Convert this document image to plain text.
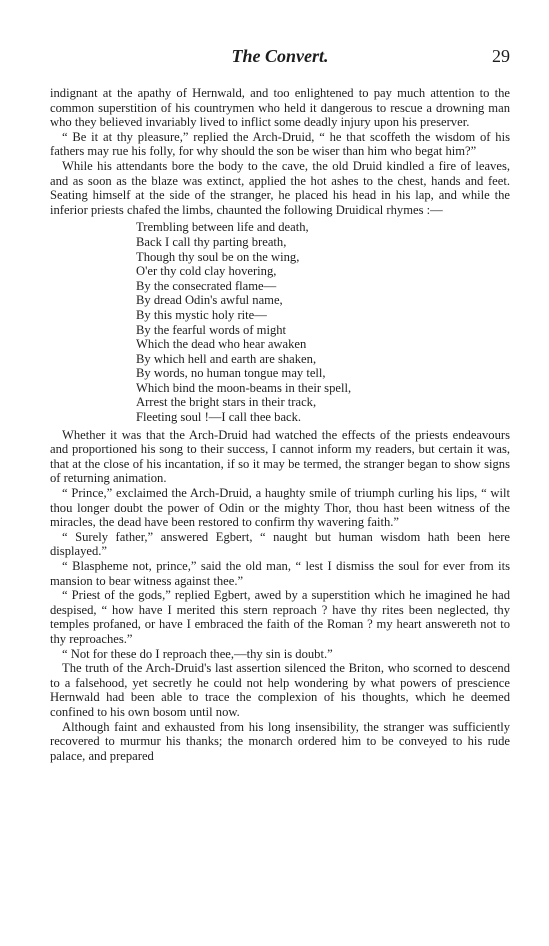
The Convert.	29

indignant at the apathy of Hernwald, and too enlightened to pay much attention to the common superstition of his countrymen who held it dangerous to rescue a drowning man who they believed invariably lived to inflict some deadly injury upon his preserver.

“ Be it at thy pleasure,” replied the Arch-Druid, “ he that scoffeth the wisdom of his fathers may rue his folly, for why should the son be wiser than him who begat him?”

While his attendants bore the body to the cave, the old Druid kindled a fire of leaves, and as soon as the blaze was extinct, applied the hot ashes to the chest, hands and feet. Seating himself at the side of the stranger, he placed his head in his lap, and while the inferior priests chafed the limbs, chaunted the following Druidical rhymes :—

Trembling between life and death,
Back I call thy parting breath,
Though thy soul be on the wing,
O'er thy cold clay hovering,
By the consecrated flame—
By dread Odin's awful name,
By this mystic holy rite—
By the fearful words of might
Which the dead who hear awaken
By which hell and earth are shaken,
By words, no human tongue may tell,
Which bind the moon-beams in their spell,
Arrest the bright stars in their track,
Fleeting soul !—I call thee back.

Whether it was that the Arch-Druid had watched the effects of the priests endeavours and proportioned his song to their success, I cannot inform my readers, but certain it was, that at the close of his incantation, if so it may be termed, the stranger began to show signs of returning animation.

“ Prince,” exclaimed the Arch-Druid, a haughty smile of triumph curling his lips, “ wilt thou longer doubt the power of Odin or the mighty Thor, thou hast been witness of the miracles, the dead have been restored to confirm thy wavering faith.”

“ Surely father,” answered Egbert, “ naught but human wisdom hath been here displayed.”

“ Blaspheme not, prince,” said the old man, “ lest I dismiss the soul for ever from its mansion to bear witness against thee.”

“ Priest of the gods,” replied Egbert, awed by a superstition which he imagined he had despised, “ how have I merited this stern reproach ? have thy rites been neglected, thy temples profaned, or have I embraced the faith of the Roman ? my heart answereth not to thy reproaches.”

“ Not for these do I reproach thee,—thy sin is doubt.”

The truth of the Arch-Druid's last assertion silenced the Briton, who scorned to descend to a falsehood, yet secretly he could not help wondering by what powers of prescience Hernwald had been able to trace the complexion of his thoughts, which he deemed confined to his own bosom until now.

Although faint and exhausted from his long insensibility, the stranger was sufficiently recovered to murmur his thanks; the monarch ordered him to be conveyed to his rude palace, and prepared
